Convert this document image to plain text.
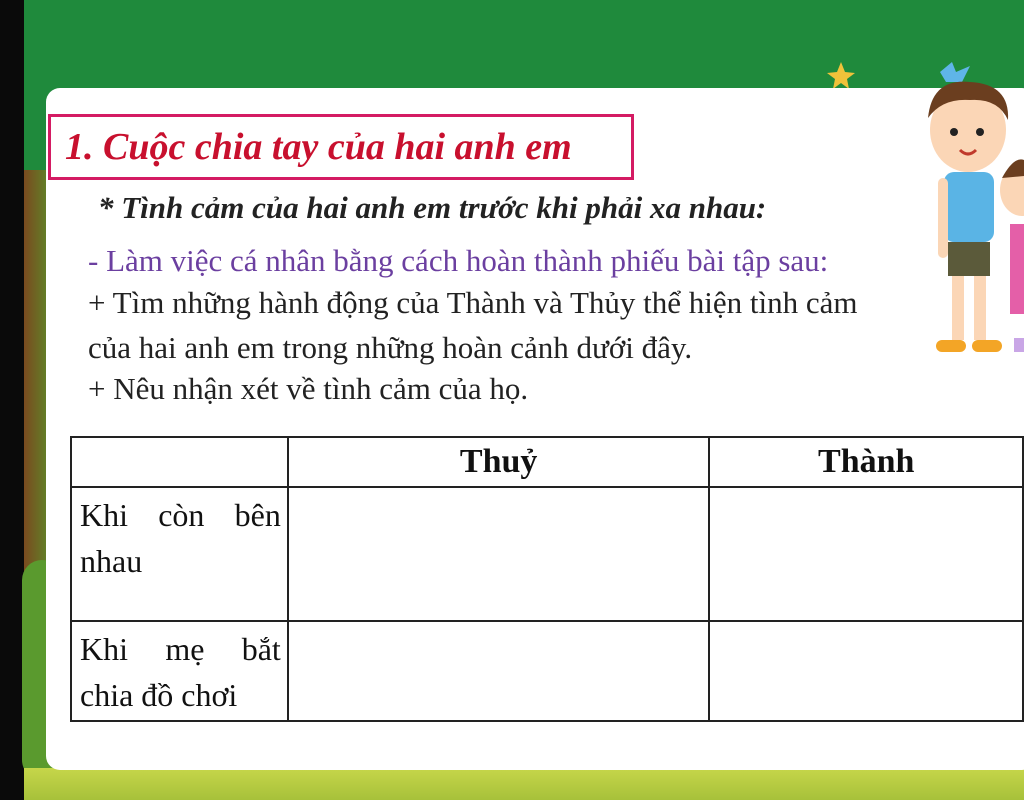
1. Cuộc chia tay của hai anh em
* Tình cảm của hai anh em trước khi phải xa nhau:
- Làm việc cá nhân bằng cách hoàn thành phiếu bài tập sau:
+ Tìm những hành động của Thành và Thủy thể hiện tình cảm
của hai anh em trong những hoàn cảnh dưới đây.
+ Nêu nhận xét về tình cảm của họ.
	Thuỷ	Thành
Khi còn bên nhau		
Khi mẹ bắt chia đồ chơi		
